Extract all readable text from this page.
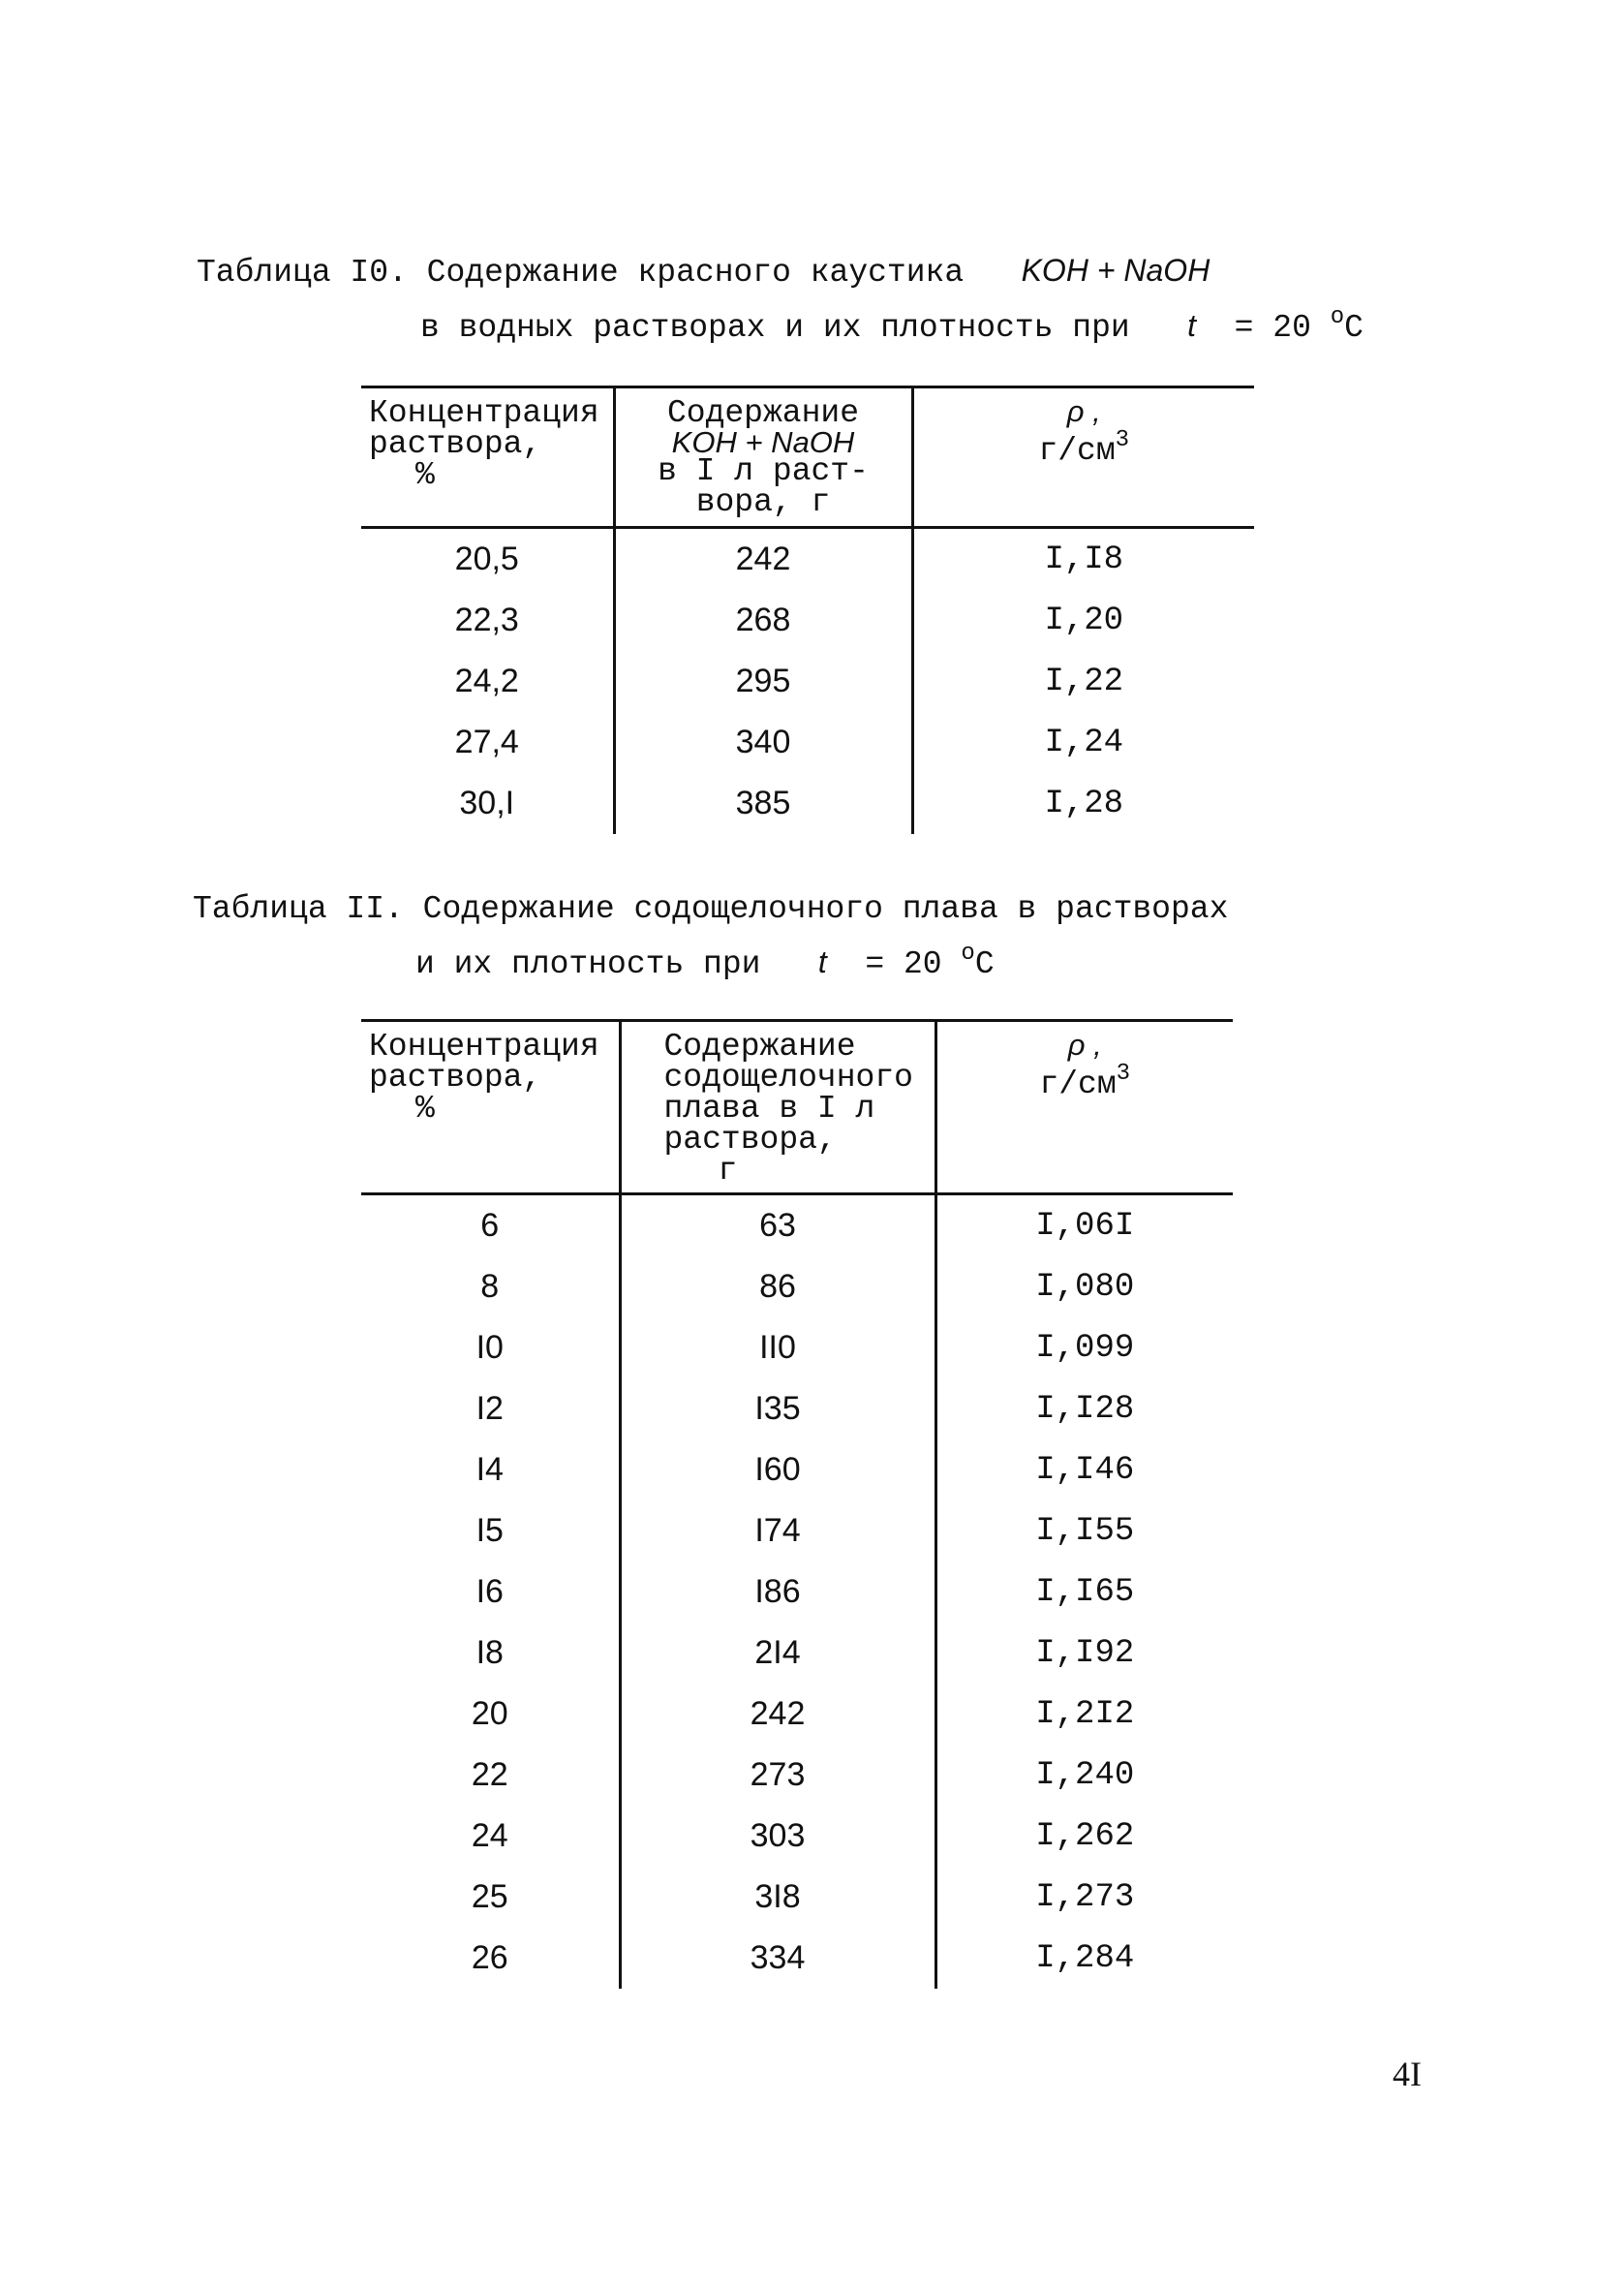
Таблица I0. Содержание красного каустика KOH + NaOH
в водных растворах и их плотность при t = 20 $^o$C
Концентрация
раствора,
%	Содержание
KOH + NaOH
в I л раст-
вора, г	ρ ,
$г/см^3$

20,5	242	I,I8
22,3	268	I,20
24,2	295	I,22
27,4	340	I,24
30,I	385	I,28
Таблица II. Содержание содощелочного плава в растворах
и их плотность при t = 20 $^o$C
Концентрация
раствора,
%	Содержание
содощелочного
плава в I л
раствора,
г	ρ ,
$г/см^3$

6	63	I,06I
8	86	I,080
I0	II0	I,099
I2	I35	I,I28
I4	I60	I,I46
I5	I74	I,I55
I6	I86	I,I65
I8	2I4	I,I92
20	242	I,2I2
22	273	I,240
24	303	I,262
25	3I8	I,273
26	334	I,284
4I
